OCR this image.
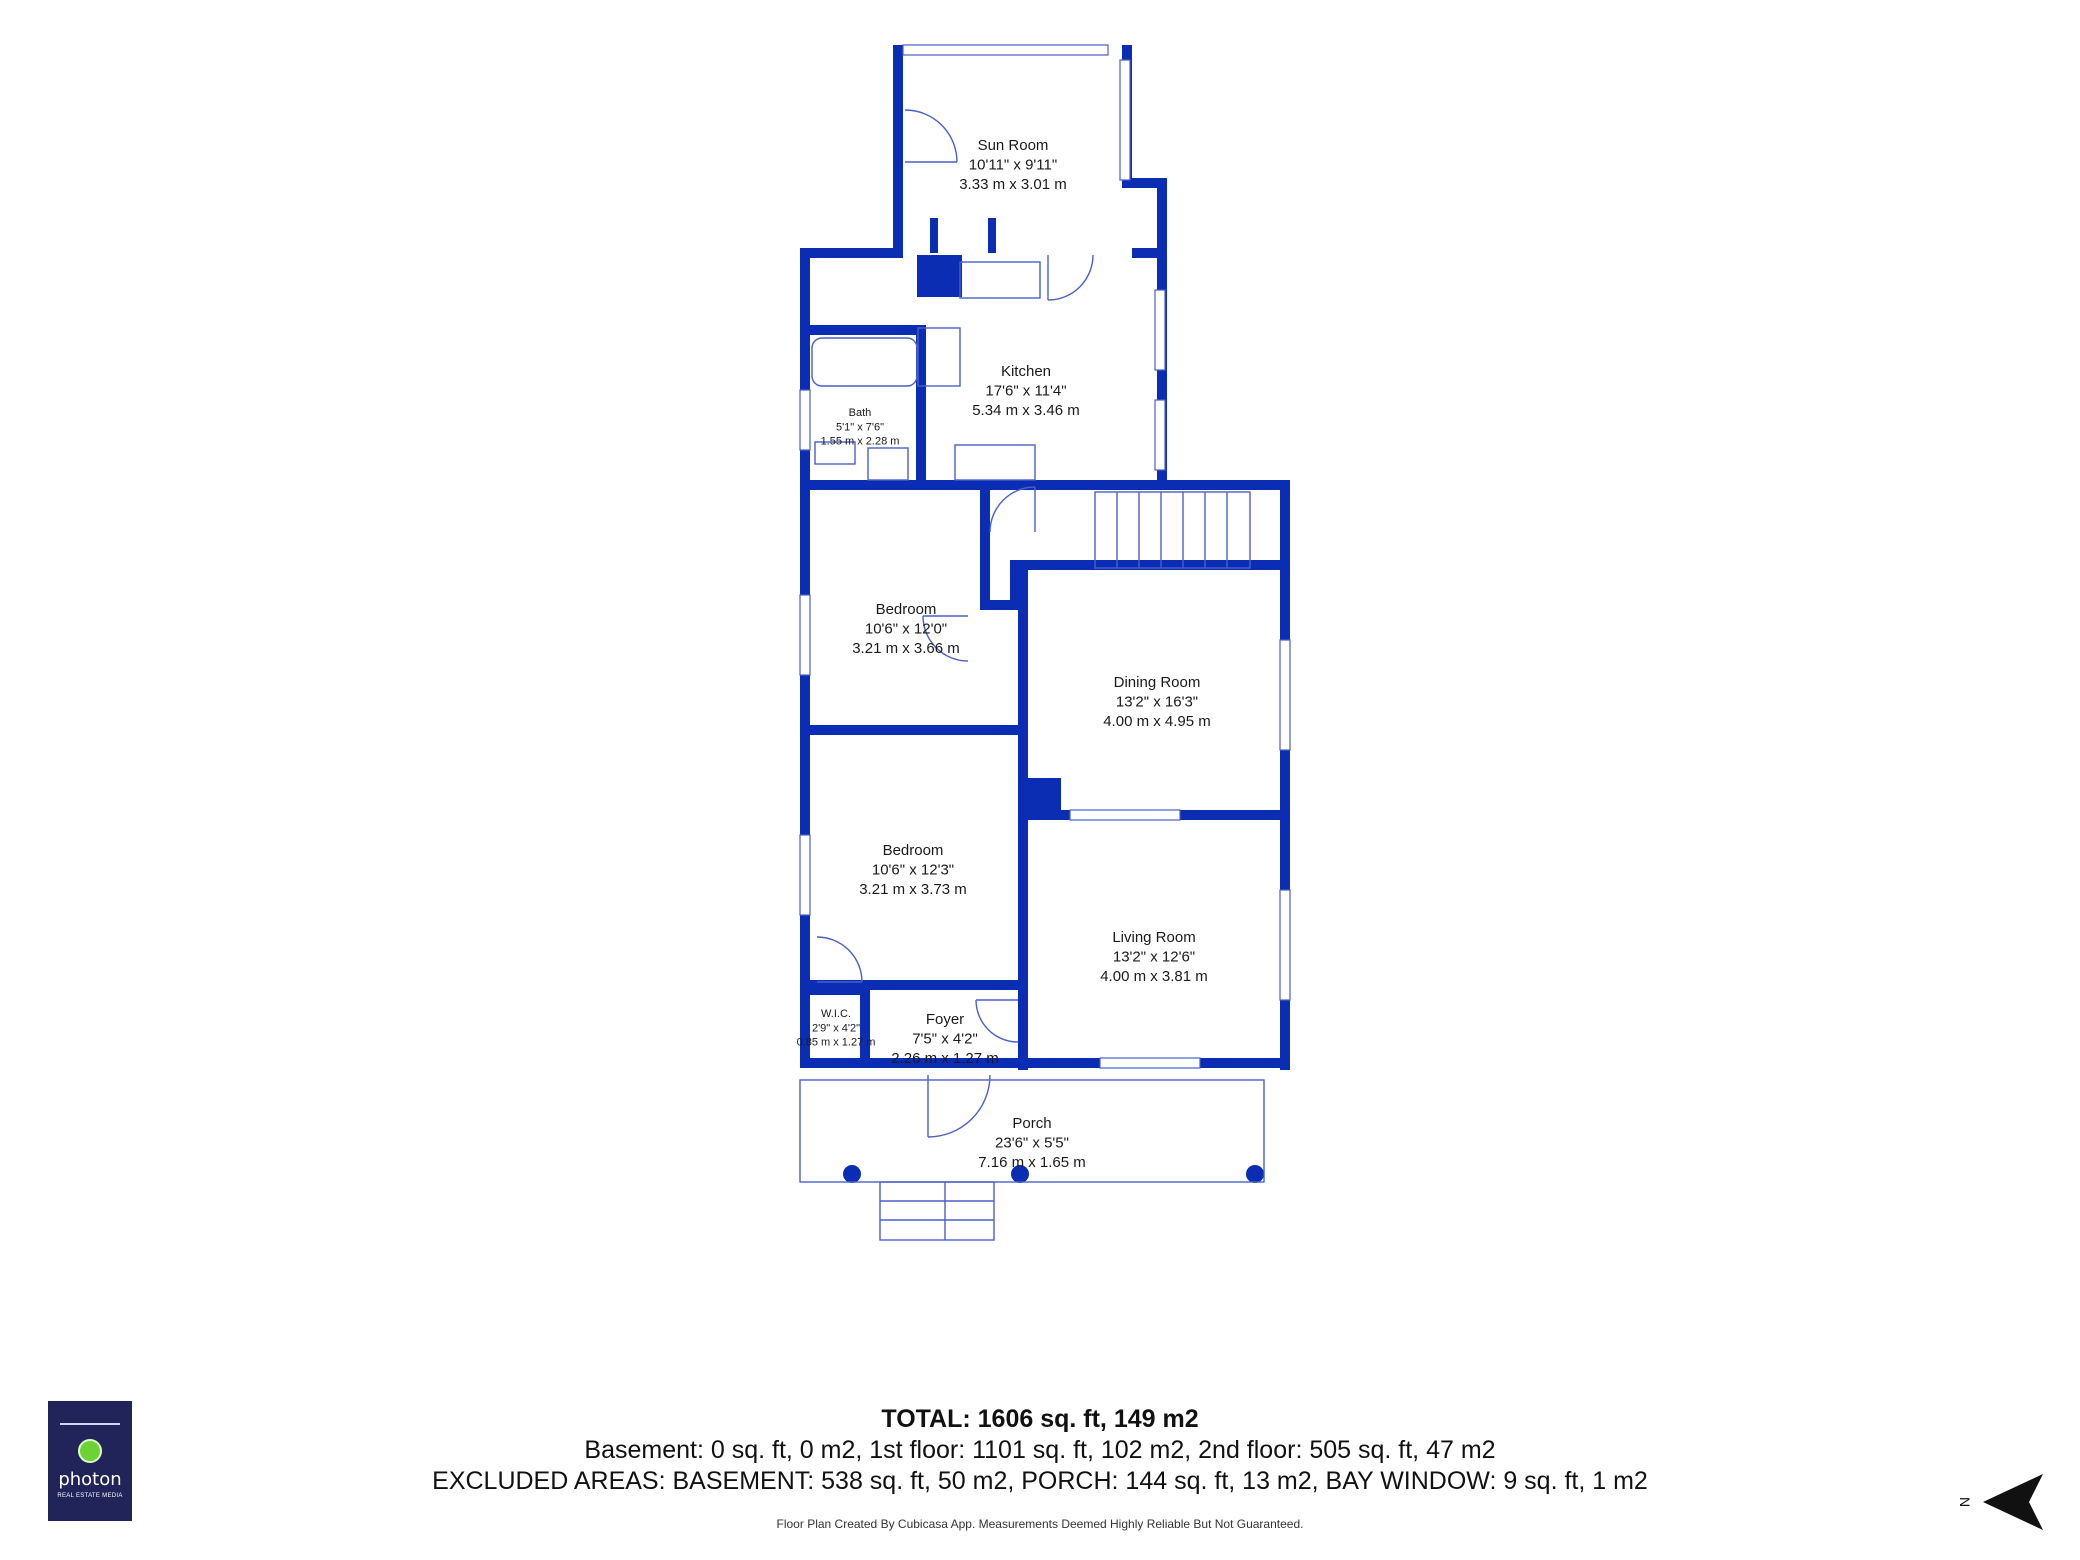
Sun Room
10'11" x 9'11"
3.33 m x 3.01 m
Kitchen
17'6" x 11'4"
5.34 m x 3.46 m
Bath
5'1" x 7'6"
1.55 m x 2.28 m
Bedroom
10'6" x 12'0"
3.21 m x 3.66 m
Dining Room
13'2" x 16'3"
4.00 m x 4.95 m
Bedroom
10'6" x 12'3"
3.21 m x 3.73 m
Living Room
13'2" x 12'6"
4.00 m x 3.81 m
W.I.C.
2'9" x 4'2"
0.85 m x 1.27 m
Foyer
7'5" x 4'2"
2.26 m x 1.27 m
Porch
23'6" x 5'5"
7.16 m x 1.65 m
TOTAL: 1606 sq. ft, 149 m2
Basement: 0 sq. ft, 0 m2, 1st floor: 1101 sq. ft, 102 m2, 2nd floor: 505 sq. ft, 47 m2
EXCLUDED AREAS: BASEMENT: 538 sq. ft, 50 m2, PORCH: 144 sq. ft, 13 m2, BAY WINDOW: 9 sq. ft, 1 m2
Floor Plan Created By Cubicasa App. Measurements Deemed Highly Reliable But Not Guaranteed.
photon
REAL ESTATE MEDIA
N
